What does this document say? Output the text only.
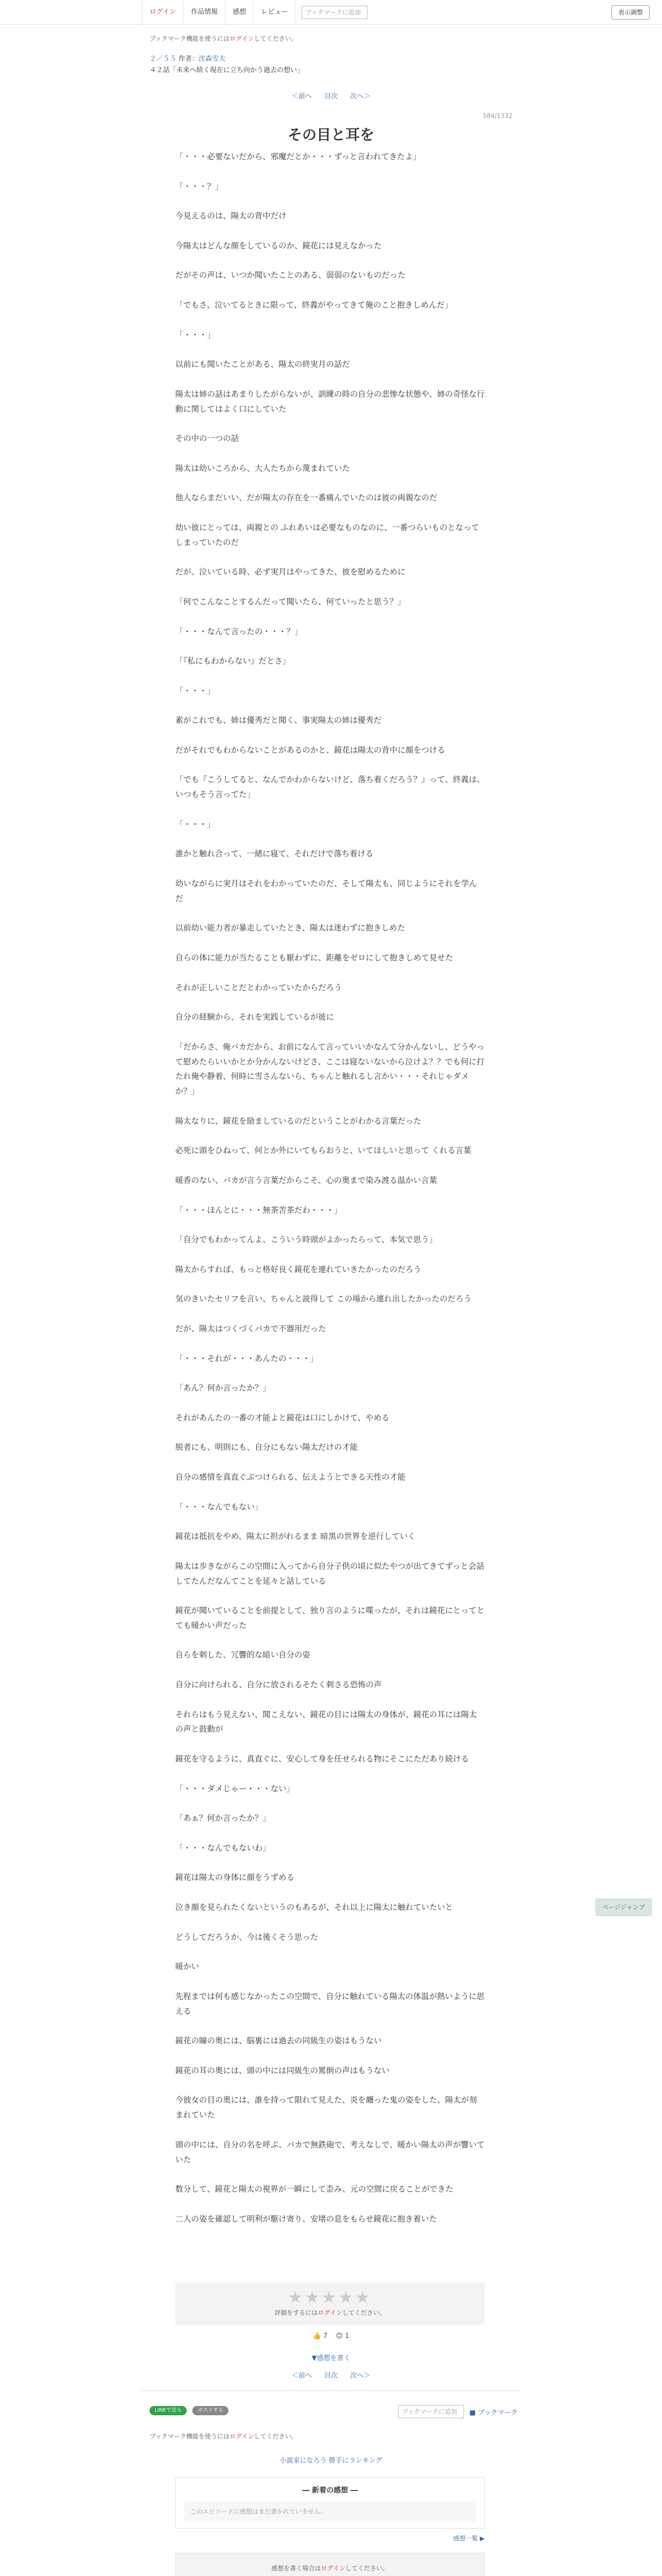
ログイン	作品情報	感想	レビュー	ブックマークに追加	表示調整
ブックマーク機能を使うにはログインしてください。
２／５５ 作者：沈森雪夫
４２話「未来へ続く現在に立ち向かう過去の想い」
＜前へ 目次 次へ＞
584/1332
その目と耳を

「・・・必要ないだから、邪魔だとか・・・ずっと言われてきたよ」

「・・・？」

今見えるのは、陽太の背中だけ

今陽太はどんな顔をしているのか、鏡花には見えなかった

だがその声は、いつか聞いたことのある、弱弱のないものだった

「でもさ、泣いてるときに限って、終義がやってきて俺のこと抱きしめんだ」

「・・・」

以前にも聞いたことがある、陽太の終実月の話だ

陽太は姉の話はあまりしたがらないが、訓練の時の自分の悲惨な状態や、姉の奇怪な行動に関してはよく口にしていた

その中の一つの話

陽太は幼いころから、大人たちから蔑まれていた

他人ならまだいい、だが陽太の存在を一番痛んでいたのは彼の両親なのだ

幼い彼にとっては、両親との ふれあいは必要なものなのに、一番つらいものとなってしまっていたのだ

だが、泣いている時、必ず実月はやってきた、彼を慰めるために

「何でこんなことするんだって聞いたら、何ていったと思う？」

「・・・なんて言ったの・・・？」

「『私にもわからない』だとさ」

「・・・」

素がこれでも、姉は優秀だと聞く、事実陽太の姉は優秀だ

だがそれでもわからないことがあるのかと、鏡花は陽太の背中に顔をつける

「でも『こうしてると、なんでかわからないけど、落ち着くだろう？』って、終義は、いつもそう言ってた」

「・・・」

誰かと触れ合って、一緒に寝て、それだけで落ち着ける

幼いながらに実月はそれをわかっていたのだ、そして陽太も、同じようにそれを学んだ

以前幼い能力者が暴走していたとき、陽太は迷わずに抱きしめた

自らの体に能力が当たることも厭わずに、距離をゼロにして抱きしめて見せた

それが正しいことだとわかっていたからだろう

自分の経験から、それを実践しているが彼に

「だからさ、俺バカだから、お前になんて言っていいかなんて分かんないし、どうやって慰めたらいいかとか分かんないけどさ、ここは寝ないないから泣けよ？？でも何に打たれ俺や静着、何時に雪さんないら、ちゃんと触れるし言かい・・・それじゃダメか？」

陽太なりに、鏡花を励ましているのだということがわかる言葉だった

必死に頭をひねって、何とか外にいてもらおうと、いてほしいと思って くれる言葉

暖香のない、バカが言う言葉だからこそ、心の奥まで染み渡る温かい言葉

「・・・ほんとに・・・無茶苦茶だわ・・・」

「自分でもわかってんよ、こういう時頭がよかったらって、本気で思う」

陽太からすれば、もっと格好良く鏡花を連れていきたかったのだろう

気のきいたセリフを言い、ちゃんと説得して この場から連れ出したかったのだろう

だが、陽太はつくづくバカで不器用だった

「・・・それが・・・あんたの・・・」

「あん？何か言ったか？」

それがあんたの一番の才能よと鏡花は口にしかけて、やめる

脱者にも、明則にも、自分にもない陽太だけの才能

自分の感情を真直ぐぶつけられる、伝えようとできる天性の才能

「・・・なんでもない」

鏡花は抵抗をやめ、陽太に担がれるまま 暗黒の世界を逆行していく

陽太は歩きながらこの空間に入ってから自分子供の頃に似たやつが出てきてずっと会話してたんだなんてことを延々と話している

鏡花が聞いていることを前提として、独り言のように喋ったが、それは鏡花にとってとても暖かい声だった

自らを刺した、冗響的な暗い自分の姿

自分に向けられる、自分に放されるそたく刺さる恐怖の声

それらはもう見えない、聞こえない、鏡花の目には陽太の身体が、鏡花の耳には陽太の声と鼓動が

鏡花を守るように、真直ぐに、安心して身を任せられる物にそこにただあり続ける

「・・・ダメじゃー・・・ない」

「あぁ？何か言ったか？」

「・・・なんでもないわ」

鏡花は陽太の身体に顔をうずめる

泣き顔を見られたくないというのもあるが、それ以上に陽太に触れていたいと

どうしてだろうか、今は後くそう思った

暖かい

先程までは何も感じなかったこの空間で、自分に触れている陽太の体温が熱いように思える

鏡花の瞳の奥には、脳裏には過去の同級生の姿はもうない

鏡花の耳の奥には、頭の中には同級生の罵倒の声はもうない

今彼女の目の奥には、誰を持って限れて見えた、炎を纏った鬼の姿をした、陽太が刻まれていた

頭の中には、自分の名を呼ぶ、バカで無鉄砲で、考えなしで、暖かい陽太の声が響いていた

数分して、鏡花と陽太の視界が一瞬にして歪み、元の空間に戻ることができた

二人の姿を確認して明利が駆け寄り、安堵の息をもらせ鏡花に抱き着いた

ページジャンプ
★★★★★
評価をするにはログインしてください。
👍 7 😊 1
▼感想を書く
＜前へ 目次 次へ＞
LINEで送る	ポストする	ブックマークに追加	■ ブックマーク
ブックマーク機能を使うにはログインしてください。
小説家になろう 勝手にランキング
― 新着の感想 ―
このエピソードに感想はまだ書かれていません。
感想一覧 ▶
感想を書く場合はログインしてください。
